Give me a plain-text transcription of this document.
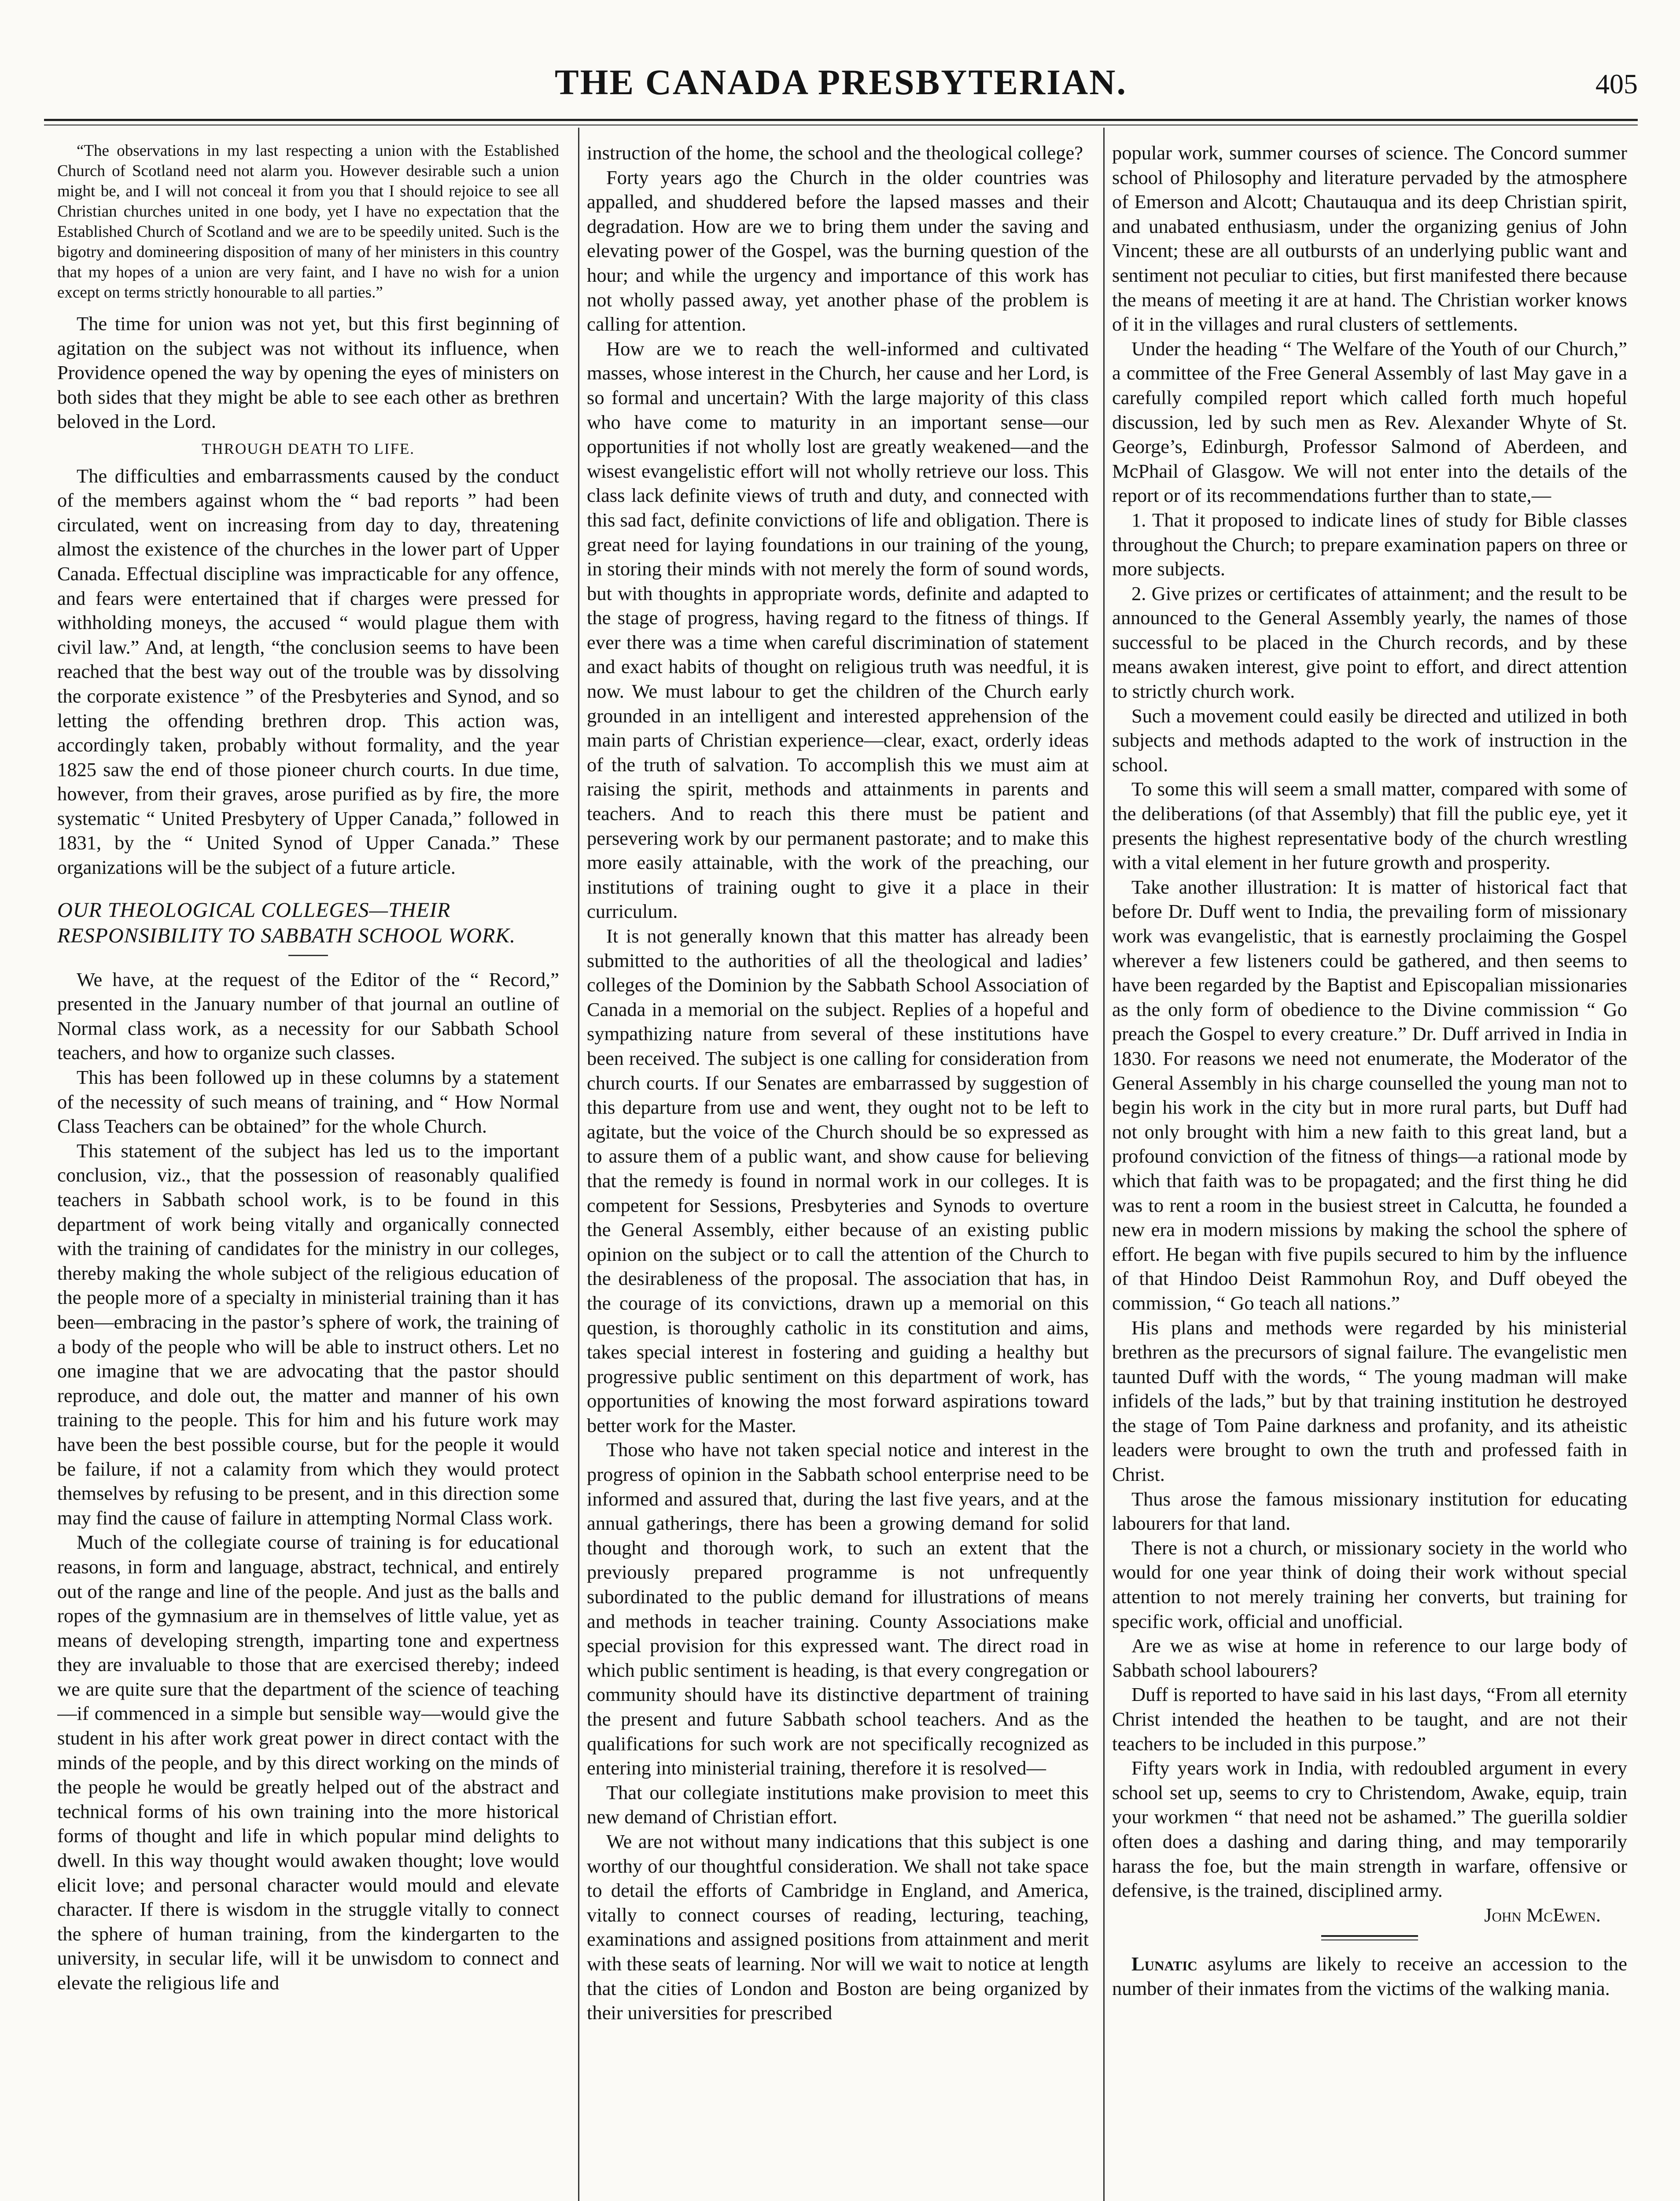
THE CANADA PRESBYTERIAN.	405

“The observations in my last respecting a union with the Established Church of Scotland need not alarm you. However desirable such a union might be, and I will not conceal it from you that I should rejoice to see all Christian churches united in one body, yet I have no expectation that the Established Church of Scotland and we are to be speedily united. Such is the bigotry and domineering disposition of many of her ministers in this country that my hopes of a union are very faint, and I have no wish for a union except on terms strictly honourable to all parties.”

The time for union was not yet, but this first beginning of agitation on the subject was not without its influence, when Providence opened the way by opening the eyes of ministers on both sides that they might be able to see each other as brethren beloved in the Lord.

THROUGH DEATH TO LIFE.

The difficulties and embarrassments caused by the conduct of the members against whom the “ bad reports ” had been circulated, went on increasing from day to day, threatening almost the existence of the churches in the lower part of Upper Canada. Effectual discipline was impracticable for any offence, and fears were entertained that if charges were pressed for withholding moneys, the accused “ would plague them with civil law.” And, at length, “the conclusion seems to have been reached that the best way out of the trouble was by dissolving the corporate existence ” of the Presbyteries and Synod, and so letting the offending brethren drop. This action was, accordingly taken, probably without formality, and the year 1825 saw the end of those pioneer church courts. In due time, however, from their graves, arose purified as by fire, the more systematic “ United Presbytery of Upper Canada,” followed in 1831, by the “ United Synod of Upper Canada.” These organizations will be the subject of a future article.

OUR THEOLOGICAL COLLEGES—THEIR RESPONSIBILITY TO SABBATH SCHOOL WORK.

We have, at the request of the Editor of the “ Record,” presented in the January number of that journal an outline of Normal class work, as a necessity for our Sabbath School teachers, and how to organize such classes.

This has been followed up in these columns by a statement of the necessity of such means of training, and “ How Normal Class Teachers can be obtained” for the whole Church.

This statement of the subject has led us to the important conclusion, viz., that the possession of reasonably qualified teachers in Sabbath school work, is to be found in this department of work being vitally and organically connected with the training of candidates for the ministry in our colleges, thereby making the whole subject of the religious education of the people more of a specialty in ministerial training than it has been—embracing in the pastor’s sphere of work, the training of a body of the people who will be able to instruct others. Let no one imagine that we are advocating that the pastor should reproduce, and dole out, the matter and manner of his own training to the people. This for him and his future work may have been the best possible course, but for the people it would be failure, if not a calamity from which they would protect themselves by refusing to be present, and in this direction some may find the cause of failure in attempting Normal Class work.

Much of the collegiate course of training is for educational reasons, in form and language, abstract, technical, and entirely out of the range and line of the people. And just as the balls and ropes of the gymnasium are in themselves of little value, yet as means of developing strength, imparting tone and expertness they are invaluable to those that are exercised thereby; indeed we are quite sure that the department of the science of teaching—if commenced in a simple but sensible way—would give the student in his after work great power in direct contact with the minds of the people, and by this direct working on the minds of the people he would be greatly helped out of the abstract and technical forms of his own training into the more historical forms of thought and life in which popular mind delights to dwell. In this way thought would awaken thought; love would elicit love; and personal character would mould and elevate character. If there is wisdom in the struggle vitally to connect the sphere of human training, from the kindergarten to the university, in secular life, will it be unwisdom to connect and elevate the religious life and

instruction of the home, the school and the theological college?

Forty years ago the Church in the older countries was appalled, and shuddered before the lapsed masses and their degradation. How are we to bring them under the saving and elevating power of the Gospel, was the burning question of the hour; and while the urgency and importance of this work has not wholly passed away, yet another phase of the problem is calling for attention.

How are we to reach the well-informed and cultivated masses, whose interest in the Church, her cause and her Lord, is so formal and uncertain? With the large majority of this class who have come to maturity in an important sense—our opportunities if not wholly lost are greatly weakened—and the wisest evangelistic effort will not wholly retrieve our loss. This class lack definite views of truth and duty, and connected with this sad fact, definite convictions of life and obligation. There is great need for laying foundations in our training of the young, in storing their minds with not merely the form of sound words, but with thoughts in appropriate words, definite and adapted to the stage of progress, having regard to the fitness of things. If ever there was a time when careful discrimination of statement and exact habits of thought on religious truth was needful, it is now. We must labour to get the children of the Church early grounded in an intelligent and interested apprehension of the main parts of Christian experience—clear, exact, orderly ideas of the truth of salvation. To accomplish this we must aim at raising the spirit, methods and attainments in parents and teachers. And to reach this there must be patient and persevering work by our permanent pastorate; and to make this more easily attainable, with the work of the preaching, our institutions of training ought to give it a place in their curriculum.

It is not generally known that this matter has already been submitted to the authorities of all the theological and ladies’ colleges of the Dominion by the Sabbath School Association of Canada in a memorial on the subject. Replies of a hopeful and sympathizing nature from several of these institutions have been received. The subject is one calling for consideration from church courts. If our Senates are embarrassed by suggestion of this departure from use and went, they ought not to be left to agitate, but the voice of the Church should be so expressed as to assure them of a public want, and show cause for believing that the remedy is found in normal work in our colleges. It is competent for Sessions, Presbyteries and Synods to overture the General Assembly, either because of an existing public opinion on the subject or to call the attention of the Church to the desirableness of the proposal. The association that has, in the courage of its convictions, drawn up a memorial on this question, is thoroughly catholic in its constitution and aims, takes special interest in fostering and guiding a healthy but progressive public sentiment on this department of work, has opportunities of knowing the most forward aspirations toward better work for the Master.

Those who have not taken special notice and interest in the progress of opinion in the Sabbath school enterprise need to be informed and assured that, during the last five years, and at the annual gatherings, there has been a growing demand for solid thought and thorough work, to such an extent that the previously prepared programme is not unfrequently subordinated to the public demand for illustrations of means and methods in teacher training. County Associations make special provision for this expressed want. The direct road in which public sentiment is heading, is that every congregation or community should have its distinctive department of training the present and future Sabbath school teachers. And as the qualifications for such work are not specifically recognized as entering into ministerial training, therefore it is resolved—

That our collegiate institutions make provision to meet this new demand of Christian effort.

We are not without many indications that this subject is one worthy of our thoughtful consideration. We shall not take space to detail the efforts of Cambridge in England, and America, vitally to connect courses of reading, lecturing, teaching, examinations and assigned positions from attainment and merit with these seats of learning. Nor will we wait to notice at length that the cities of London and Boston are being organized by their universities for prescribed

popular work, summer courses of science. The Concord summer school of Philosophy and literature pervaded by the atmosphere of Emerson and Alcott; Chautauqua and its deep Christian spirit, and unabated enthusiasm, under the organizing genius of John Vincent; these are all outbursts of an underlying public want and sentiment not peculiar to cities, but first manifested there because the means of meeting it are at hand. The Christian worker knows of it in the villages and rural clusters of settlements.

Under the heading “ The Welfare of the Youth of our Church,” a committee of the Free General Assembly of last May gave in a carefully compiled report which called forth much hopeful discussion, led by such men as Rev. Alexander Whyte of St. George’s, Edinburgh, Professor Salmond of Aberdeen, and McPhail of Glasgow. We will not enter into the details of the report or of its recommendations further than to state,—

1. That it proposed to indicate lines of study for Bible classes throughout the Church; to prepare examination papers on three or more subjects.

2. Give prizes or certificates of attainment; and the result to be announced to the General Assembly yearly, the names of those successful to be placed in the Church records, and by these means awaken interest, give point to effort, and direct attention to strictly church work.

Such a movement could easily be directed and utilized in both subjects and methods adapted to the work of instruction in the school.

To some this will seem a small matter, compared with some of the deliberations (of that Assembly) that fill the public eye, yet it presents the highest representative body of the church wrestling with a vital element in her future growth and prosperity.

Take another illustration: It is matter of historical fact that before Dr. Duff went to India, the prevailing form of missionary work was evangelistic, that is earnestly proclaiming the Gospel wherever a few listeners could be gathered, and then seems to have been regarded by the Baptist and Episcopalian missionaries as the only form of obedience to the Divine commission “ Go preach the Gospel to every creature.” Dr. Duff arrived in India in 1830. For reasons we need not enumerate, the Moderator of the General Assembly in his charge counselled the young man not to begin his work in the city but in more rural parts, but Duff had not only brought with him a new faith to this great land, but a profound conviction of the fitness of things—a rational mode by which that faith was to be propagated; and the first thing he did was to rent a room in the busiest street in Calcutta, he founded a new era in modern missions by making the school the sphere of effort. He began with five pupils secured to him by the influence of that Hindoo Deist Rammohun Roy, and Duff obeyed the commission, “ Go teach all nations.”

His plans and methods were regarded by his ministerial brethren as the precursors of signal failure. The evangelistic men taunted Duff with the words, “ The young madman will make infidels of the lads,” but by that training institution he destroyed the stage of Tom Paine darkness and profanity, and its atheistic leaders were brought to own the truth and professed faith in Christ.

Thus arose the famous missionary institution for educating labourers for that land.

There is not a church, or missionary society in the world who would for one year think of doing their work without special attention to not merely training her converts, but training for specific work, official and unofficial.

Are we as wise at home in reference to our large body of Sabbath school labourers?

Duff is reported to have said in his last days, “From all eternity Christ intended the heathen to be taught, and are not their teachers to be included in this purpose.”

Fifty years work in India, with redoubled argument in every school set up, seems to cry to Christendom, Awake, equip, train your workmen “ that need not be ashamed.” The guerilla soldier often does a dashing and daring thing, and may temporarily harass the foe, but the main strength in warfare, offensive or defensive, is the trained, disciplined army.

John McEwen.

Lunatic asylums are likely to receive an accession to the number of their inmates from the victims of the walking mania.
